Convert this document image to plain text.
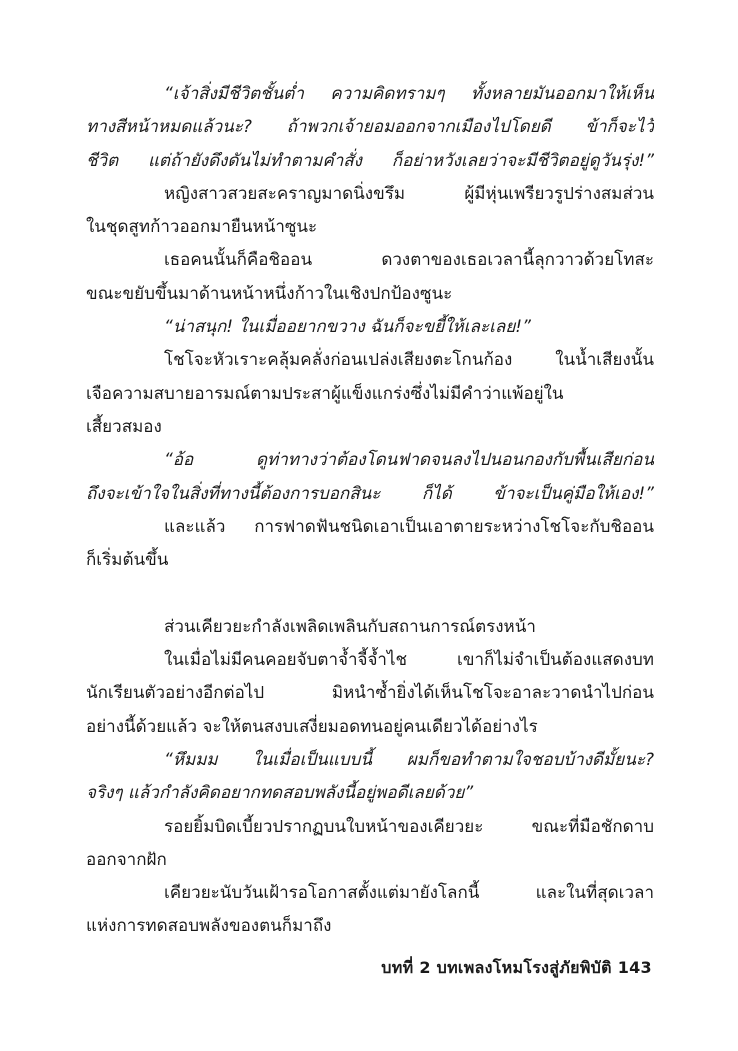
“เจ้าสิ่งมีชีวิตชั้นต่ำ ความคิดทรามๆ ทั้งหลายมันออกมาให้เห็น
ทางสีหน้าหมดแล้วนะ? ถ้าพวกเจ้ายอมออกจากเมืองไปโดยดี ข้าก็จะไว้
ชีวิต แต่ถ้ายังดึงดันไม่ทำตามคำสั่ง ก็อย่าหวังเลยว่าจะมีชีวิตอยู่ดูวันรุ่ง!”
หญิงสาวสวยสะคราญมาดนิ่งขรึม ผู้มีหุ่นเพรียวรูปร่างสมส่วน
ในชุดสูทก้าวออกมายืนหน้าซูนะ
เธอคนนั้นก็คือชิออน ดวงตาของเธอเวลานี้ลุกวาวด้วยโทสะ
ขณะขยับขึ้นมาด้านหน้าหนึ่งก้าวในเชิงปกป้องซูนะ
“น่าสนุก! ในเมื่ออยากขวาง ฉันก็จะขยี้ให้เละเลย!”
โชโจะหัวเราะคลุ้มคลั่งก่อนเปล่งเสียงตะโกนก้อง ในน้ำเสียงนั้น
เจือความสบายอารมณ์ตามประสาผู้แข็งแกร่งซึ่งไม่มีคำว่าแพ้อยู่ใน
เสี้ยวสมอง
“อ้อ ดูท่าทางว่าต้องโดนฟาดจนลงไปนอนกองกับพื้นเสียก่อน
ถึงจะเข้าใจในสิ่งที่ทางนี้ต้องการบอกสินะ ก็ได้ ข้าจะเป็นคู่มือให้เอง!”
และแล้ว การฟาดฟันชนิดเอาเป็นเอาตายระหว่างโชโจะกับชิออน
ก็เริ่มต้นขึ้น
ส่วนเคียวยะกำลังเพลิดเพลินกับสถานการณ์ตรงหน้า
ในเมื่อไม่มีคนคอยจับตาจ้ำจี้จ้ำไช เขาก็ไม่จำเป็นต้องแสดงบท
นักเรียนตัวอย่างอีกต่อไป มิหนำซ้ำยิ่งได้เห็นโชโจะอาละวาดนำไปก่อน
อย่างนี้ด้วยแล้ว จะให้ตนสงบเสงี่ยมอดทนอยู่คนเดียวได้อย่างไร
“หึมมม ในเมื่อเป็นแบบนี้ ผมก็ขอทำตามใจชอบบ้างดีมั้ยนะ?
จริงๆ แล้วกำลังคิดอยากทดสอบพลังนี้อยู่พอดีเลยด้วย”
รอยยิ้มบิดเบี้ยวปรากฏบนใบหน้าของเคียวยะ ขณะที่มือชักดาบ
ออกจากฝัก
เคียวยะนับวันเฝ้ารอโอกาสตั้งแต่มายังโลกนี้ และในที่สุดเวลา
แห่งการทดสอบพลังของตนก็มาถึง
บทที่ 2 บทเพลงโหมโรงสู่ภัยพิบัติ 143
